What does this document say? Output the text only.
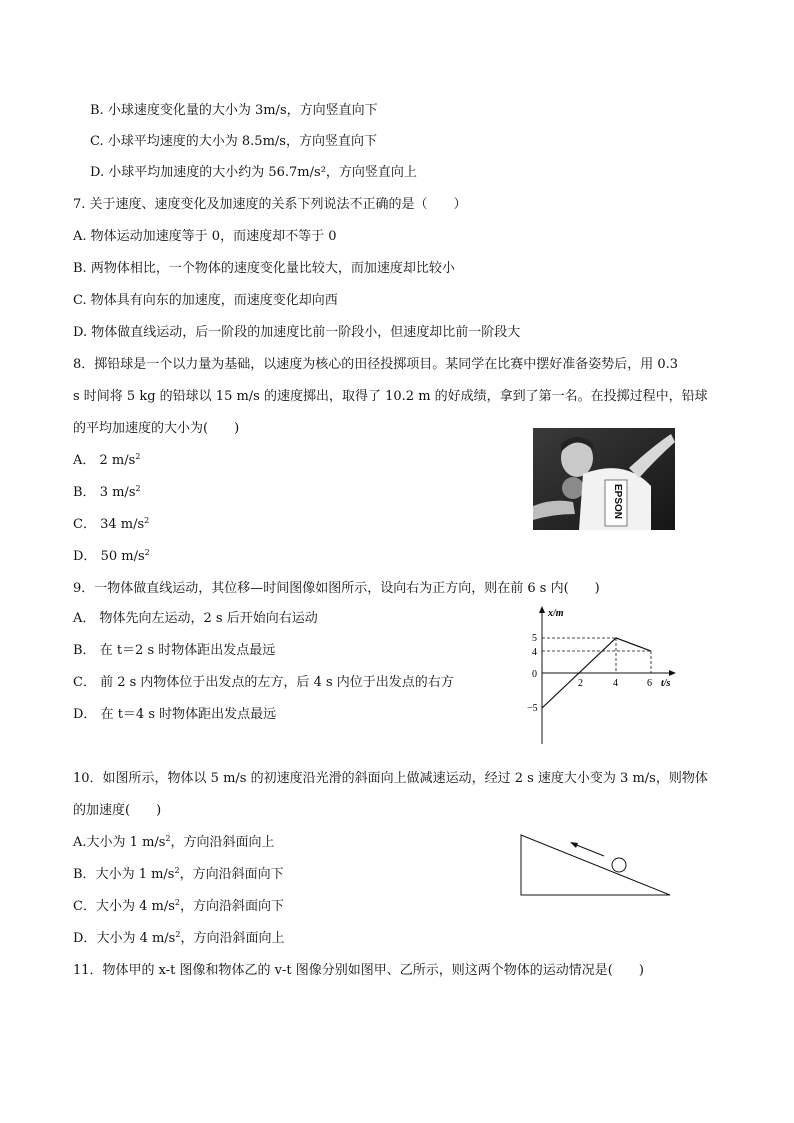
B. 小球速度变化量的大小为 3m/s，方向竖直向下
C. 小球平均速度的大小为 8.5m/s，方向竖直向下
D. 小球平均加速度的大小约为 56.7m/s²，方向竖直向上
7. 关于速度、速度变化及加速度的关系下列说法不正确的是（　　）
A. 物体运动加速度等于 0，而速度却不等于 0
B. 两物体相比，一个物体的速度变化量比较大，而加速度却比较小
C. 物体具有向东的加速度，而速度变化却向西
D. 物体做直线运动，后一阶段的加速度比前一阶段小，但速度却比前一阶段大
8．掷铅球是一个以力量为基础，以速度为核心的田径投掷项目。某同学在比赛中摆好准备姿势后，用 0.3
s 时间将 5 kg 的铅球以 15 m/s 的速度掷出，取得了 10.2 m 的好成绩，拿到了第一名。在投掷过程中，铅球
的平均加速度的大小为(　　)
A． 2 $m/s^2$
B． 3 $m/s^2$
C． 34 $m/s^2$
D． 50 $m/s^2$
EPSON
9．一物体做直线运动，其位移—时间图像如图所示，设向右为正方向，则在前 6 s 内(　　)
A． 物体先向左运动，2 s 后开始向右运动
B． 在 t＝2 s 时物体距出发点最远
C． 前 2 s 内物体位于出发点的左方，后 4 s 内位于出发点的右方
D． 在 t＝4 s 时物体距出发点最远
x/m
t/s
5
4
0
−5
2	4	6
10．如图所示，物体以 5 m/s 的初速度沿光滑的斜面向上做减速运动，经过 2 s 速度大小变为 3 m/s，则物体
的加速度(　　)
A.大小为 1 $m/s^2$，方向沿斜面向上
B．大小为 1 $m/s^2$，方向沿斜面向下
C．大小为 4 $m/s^2$，方向沿斜面向下
D．大小为 4 $m/s^2$，方向沿斜面向上
11．物体甲的 x-t 图像和物体乙的 v-t 图像分别如图甲、乙所示，则这两个物体的运动情况是(　　)
